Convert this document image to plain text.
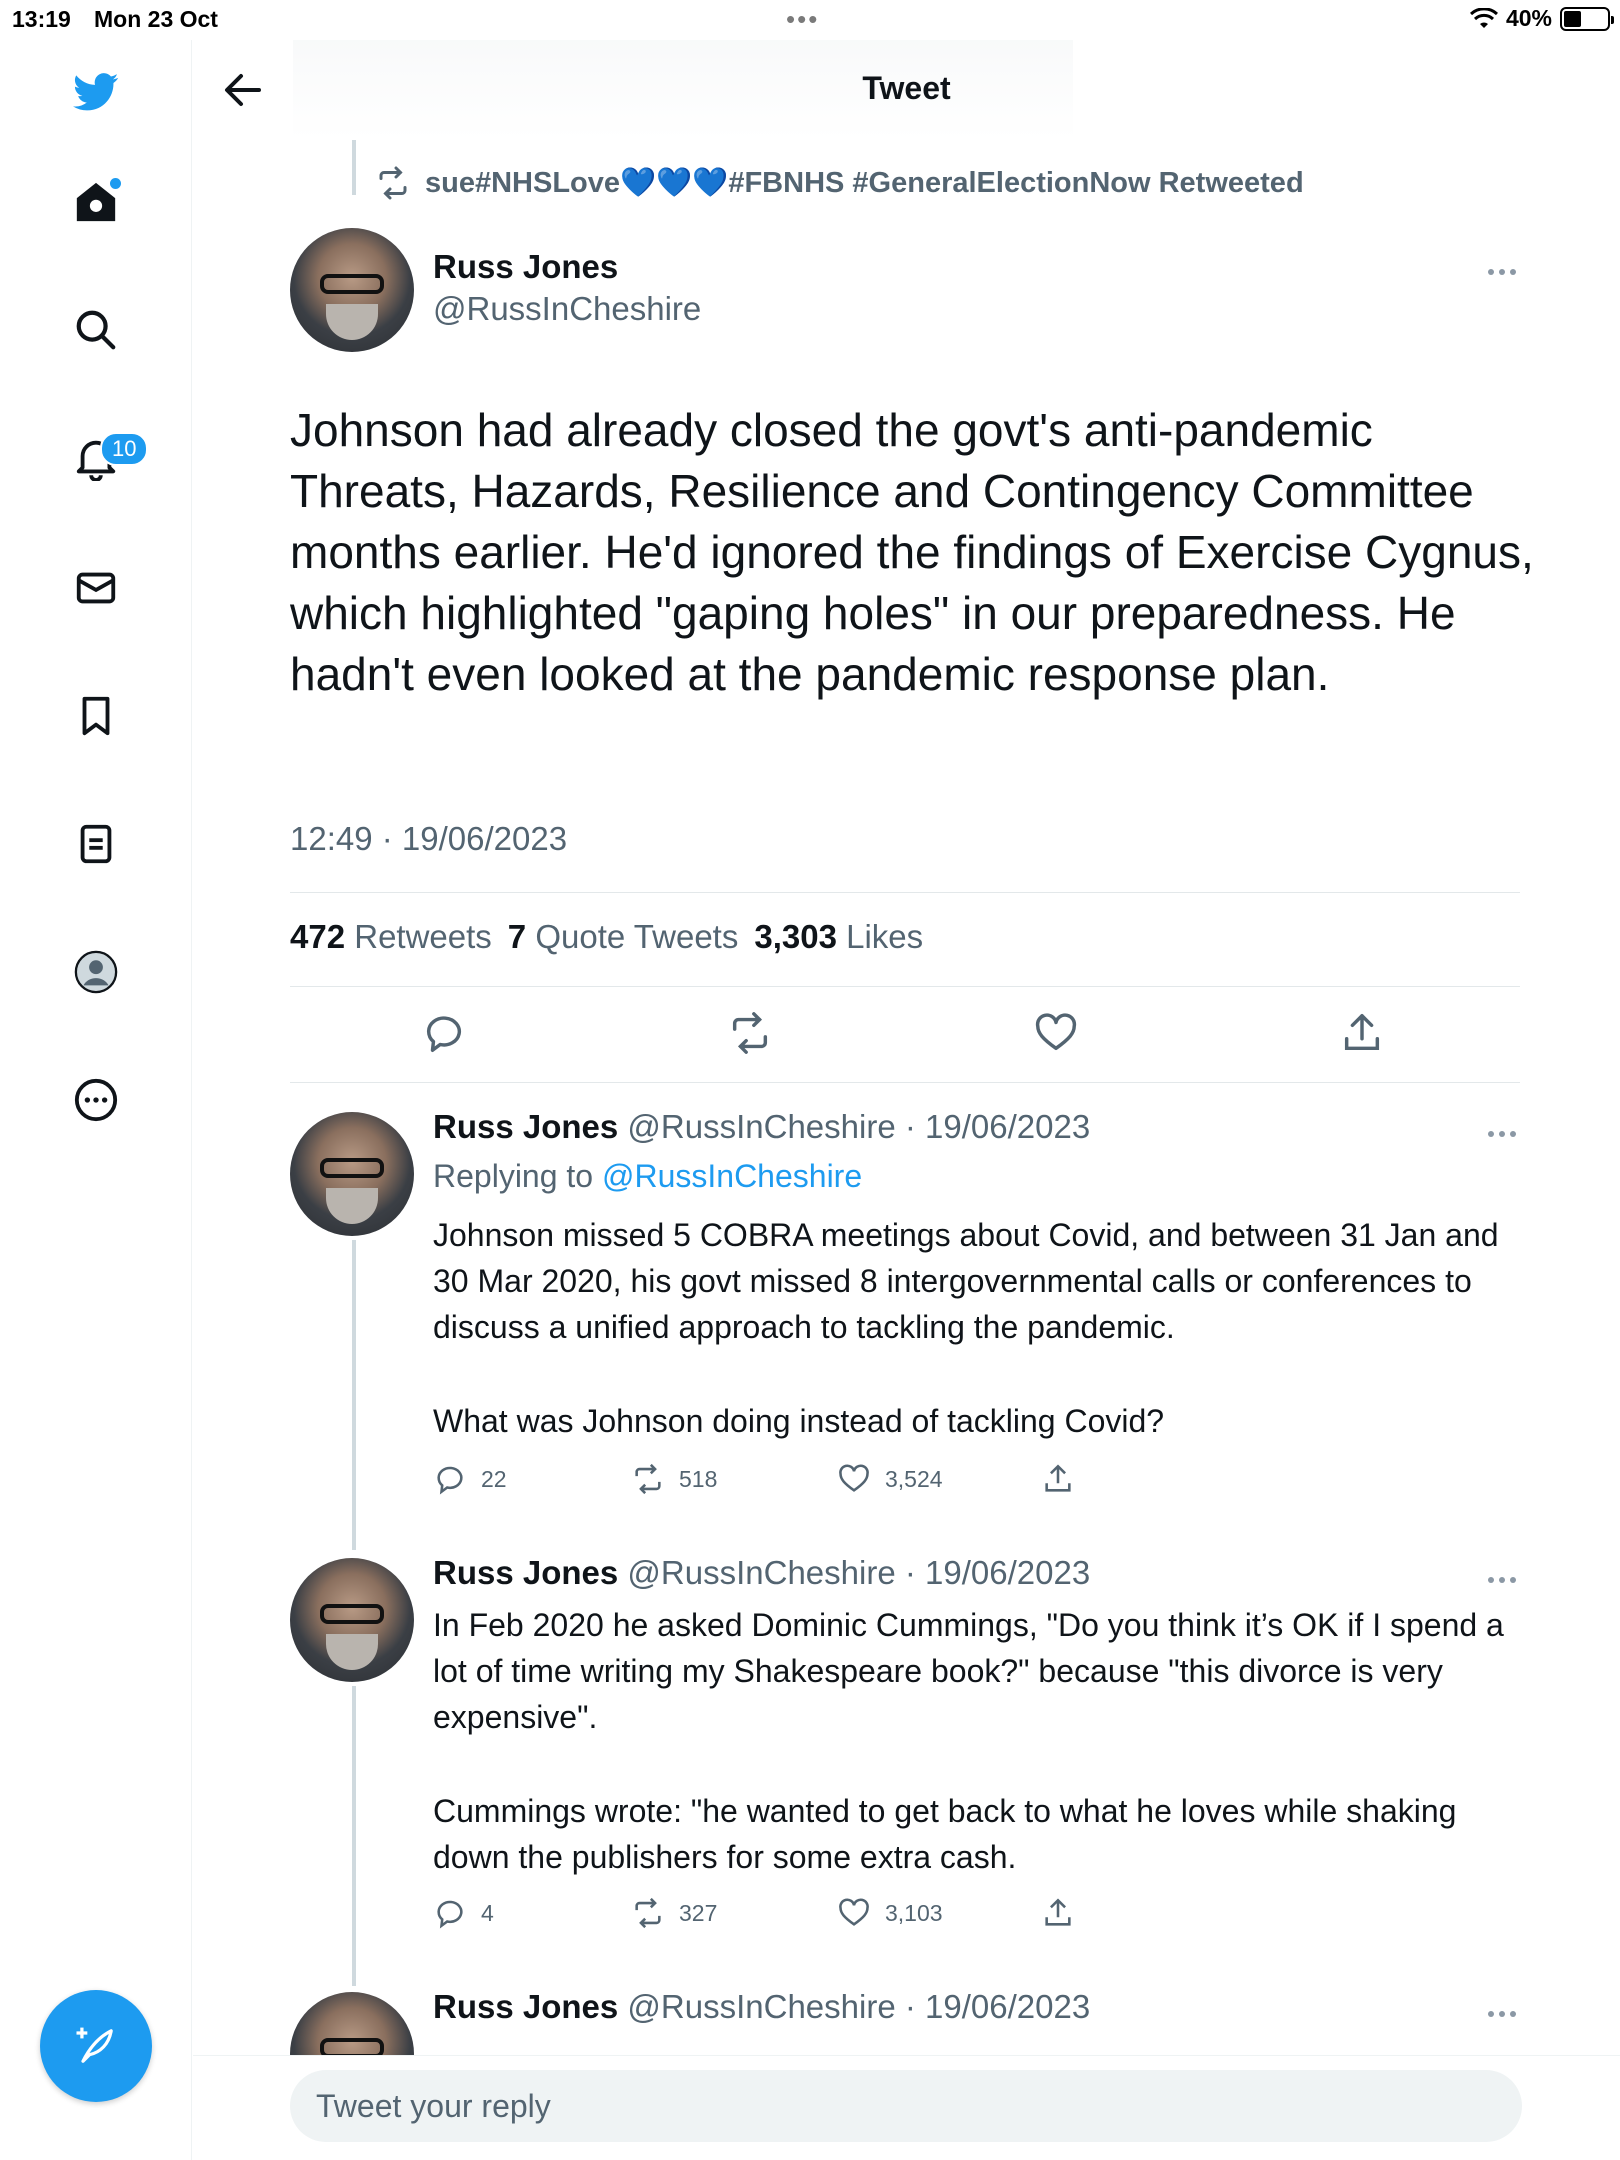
13:19 Mon 23 Oct	•••	40%
10
Tweet
sue#NHSLove💙💙💙#FBNHS #GeneralElectionNow Retweeted
Russ Jones
@RussInCheshire
Johnson had already closed the govt's anti-pandemic Threats, Hazards, Resilience and Contingency Committee months earlier. He'd ignored the findings of Exercise Cygnus, which highlighted "gaping holes" in our preparedness. He hadn't even looked at the pandemic response plan.
12:49 · 19/06/2023
472 Retweets 7 Quote Tweets 3,303 Likes
Russ Jones @RussInCheshire · 19/06/2023
Replying to @RussInCheshire
Johnson missed 5 COBRA meetings about Covid, and between 31 Jan and 30 Mar 2020, his govt missed 8 intergovernmental calls or conferences to discuss a unified approach to tackling the pandemic.
What was Johnson doing instead of tackling Covid?
22	518	3,524
Russ Jones @RussInCheshire · 19/06/2023
In Feb 2020 he asked Dominic Cummings, "Do you think it’s OK if I spend a lot of time writing my Shakespeare book?" because "this divorce is very expensive".
Cummings wrote: "he wanted to get back to what he loves while shaking down the publishers for some extra cash.
4	327	3,103
Russ Jones @RussInCheshire · 19/06/2023
Tweet your reply
